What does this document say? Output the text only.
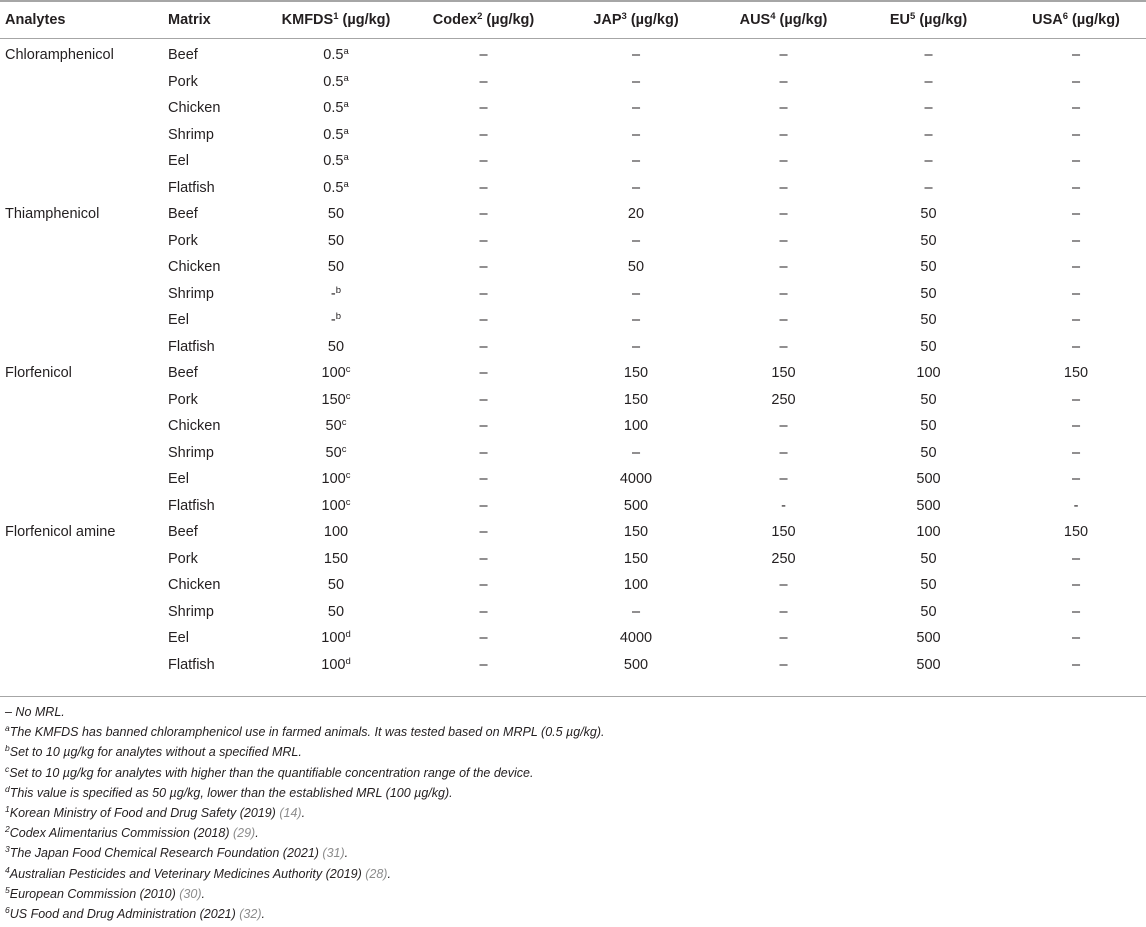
Analytes	Matrix	KMFDS$^1$ (µg/kg)	Codex$^2$ (µg/kg)	JAP$^3$ (µg/kg)	AUS$^4$ (µg/kg)	$EU^5$ (µg/kg)	USA$^6$ (µg/kg)
Chloramphenicol	Beef	0.5$^a$	–	–	–	–	–
	Pork	0.5$^a$	–	–	–	–	–
	Chicken	0.5$^a$	–	–	–	–	–
	Shrimp	0.5$^a$	–	–	–	–	–
	Eel	0.5$^a$	–	–	–	–	–
	Flatfish	0.5$^a$	–	–	–	–	–
Thiamphenicol	Beef	50	–	20	–	50	–
	Pork	50	–	–	–	50	–
	Chicken	50	–	50	–	50	–
	Shrimp	-$^b$	–	–	–	50	–
	Eel	-$^b$	–	–	–	50	–
	Flatfish	50	–	–	–	50	–
Florfenicol	Beef	100$^c$	–	150	150	100	150
	Pork	150$^c$	–	150	250	50	–
	Chicken	50$^c$	–	100	–	50	–
	Shrimp	50$^c$	–	–	–	50	–
	Eel	100$^c$	–	4000	–	500	–
	Flatfish	100$^c$	–	500	-	500	-
Florfenicol amine	Beef	100	–	150	150	100	150
	Pork	150	–	150	250	50	–
	Chicken	50	–	100	–	50	–
	Shrimp	50	–	–	–	50	–
	Eel	100$^d$	–	4000	–	500	–
	Flatfish	100$^d$	–	500	–	500	–
– No MRL.
$^a$The KMFDS has banned chloramphenicol use in farmed animals. It was tested based on MRPL (0.5 µg/kg).
$^b$Set to 10 µg/kg for analytes without a specified MRL.
$^c$Set to 10 µg/kg for analytes with higher than the quantifiable concentration range of the device.
$^d$This value is specified as 50 µg/kg, lower than the established MRL (100 µg/kg).
$^1$Korean Ministry of Food and Drug Safety (2019) (14).
$^2$Codex Alimentarius Commission (2018) (29).
$^3$The Japan Food Chemical Research Foundation (2021) (31).
$^4$Australian Pesticides and Veterinary Medicines Authority (2019) (28).
$^5$European Commission (2010) (30).
$^6$US Food and Drug Administration (2021) (32).
